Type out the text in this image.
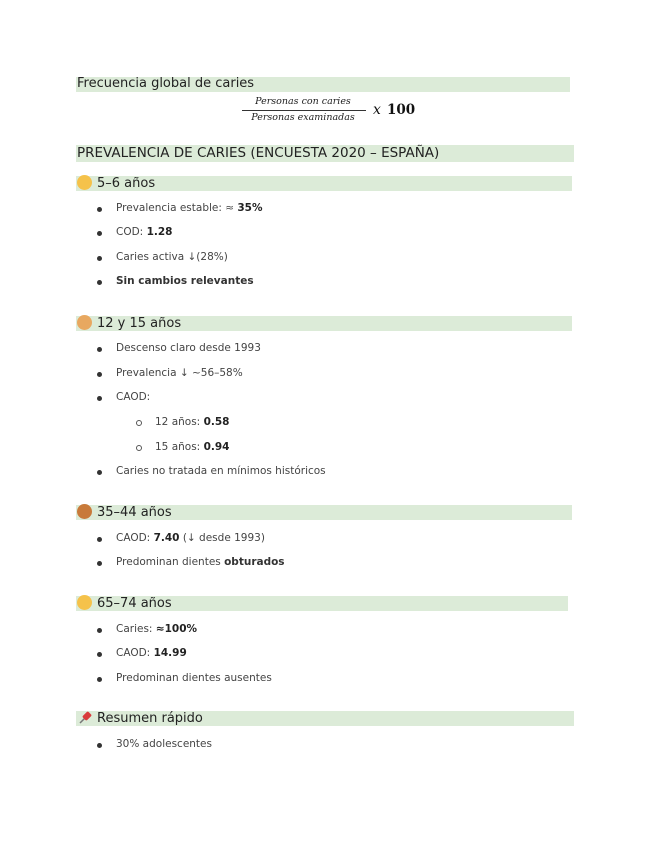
Frecuencia global de caries
Personas con caries
Personas examinadas	x 100
PREVALENCIA DE CARIES (ENCUESTA 2020 – ESPAÑA)
5–6 años
Prevalencia estable: ≈ 35%
COD: 1.28
Caries activa ↓(28%)
Sin cambios relevantes
12 y 15 años
Descenso claro desde 1993
Prevalencia ↓ ~56–58%
CAOD:
12 años: 0.58
15 años: 0.94
Caries no tratada en mínimos históricos
35–44 años
CAOD: 7.40 (↓ desde 1993)
Predominan dientes obturados
65–74 años
Caries: ≈100%
CAOD: 14.99
Predominan dientes ausentes
Resumen rápido
30% adolescentes
